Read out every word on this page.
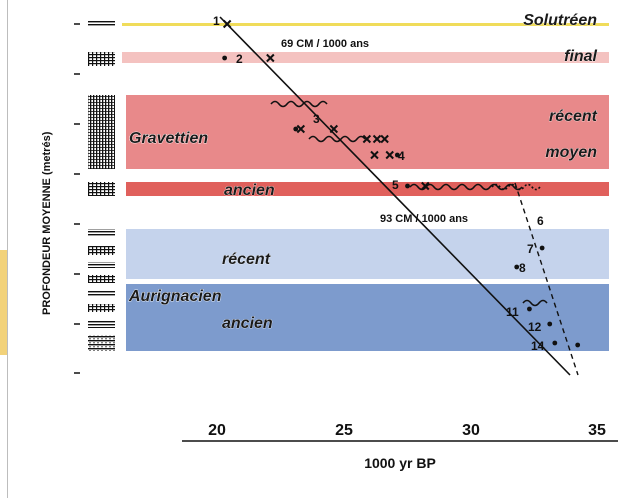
PROFONDEUR MOYENNE (metrés)
Solutréen
final
récent
moyen
ancien
récent
ancien
Gravettien
Aurignacien
69 CM / 1000 ans
93 CM / 1000 ans
1
2
3
4
5
6
7
8
11
12
14
20	25	30	35
1000 yr BP
